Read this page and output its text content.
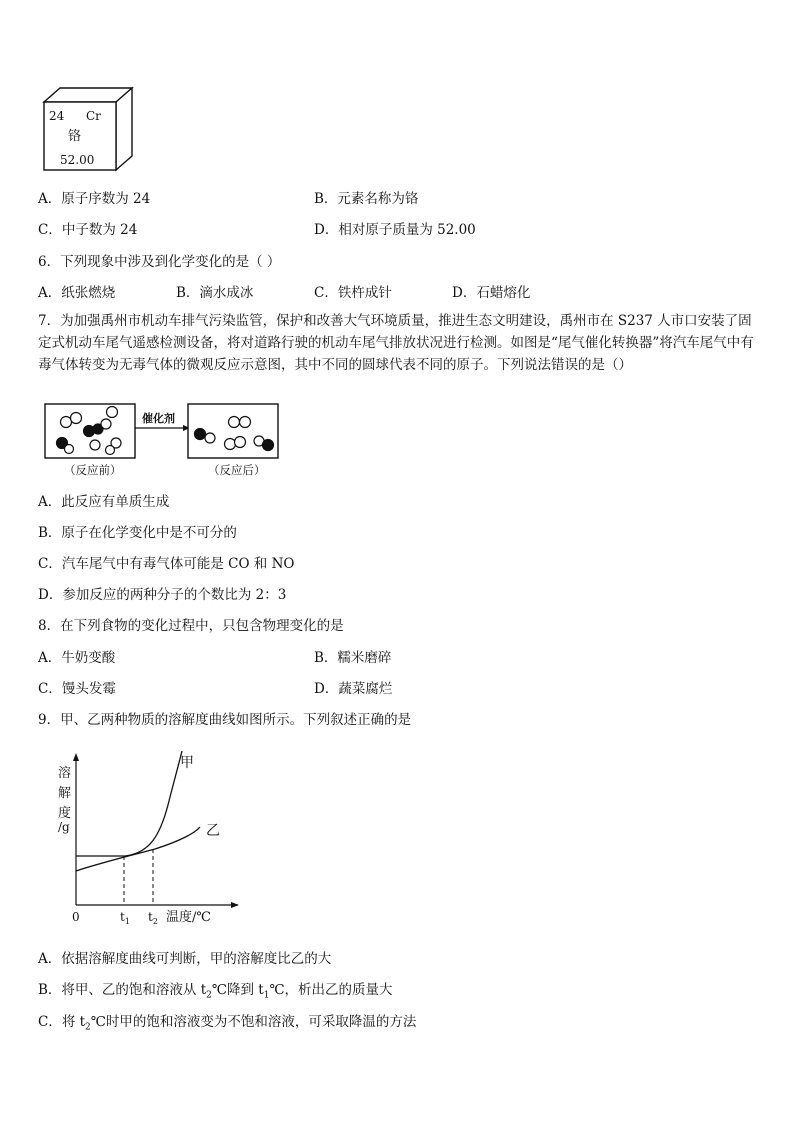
24 Cr
铬
52.00
A．原子序数为 24	B．元素名称为铬
C．中子数为 24	D．相对原子质量为 52.00
6．下列现象中涉及到化学变化的是（ ）
A．纸张燃烧	B．滴水成冰	C．铁杵成针	D．石蜡熔化
7．为加强禹州市机动车排气污染监管，保护和改善大气环境质量，推进生态文明建设，禹州市在 S237 人市口安装了固定式机动车尾气遥感检测设备，将对道路行驶的机动车尾气排放状况进行检测。如图是“尾气催化转换器”将汽车尾气中有毒气体转变为无毒气体的微观反应示意图，其中不同的圆球代表不同的原子。下列说法错误的是（）
催化剂
（反应前）	（反应后）
A．此反应有单质生成
B．原子在化学变化中是不可分的
C．汽车尾气中有毒气体可能是 CO 和 NO
D．参加反应的两种分子的个数比为 2：3
8．在下列食物的变化过程中，只包含物理变化的是
A．牛奶变酸	B．糯米磨碎
C．馒头发霉	D．蔬菜腐烂
9．甲、乙两种物质的溶解度曲线如图所示。下列叙述正确的是
溶
解
度
/g
甲
乙
0	$t_1$ $t_2$ 温度/℃
A．依据溶解度曲线可判断，甲的溶解度比乙的大
B．将甲、乙的饱和溶液从 $t_2℃$降到 $t_1℃$，析出乙的质量大
C．将 $t_2℃$时甲的饱和溶液变为不饱和溶液，可采取降温的方法
